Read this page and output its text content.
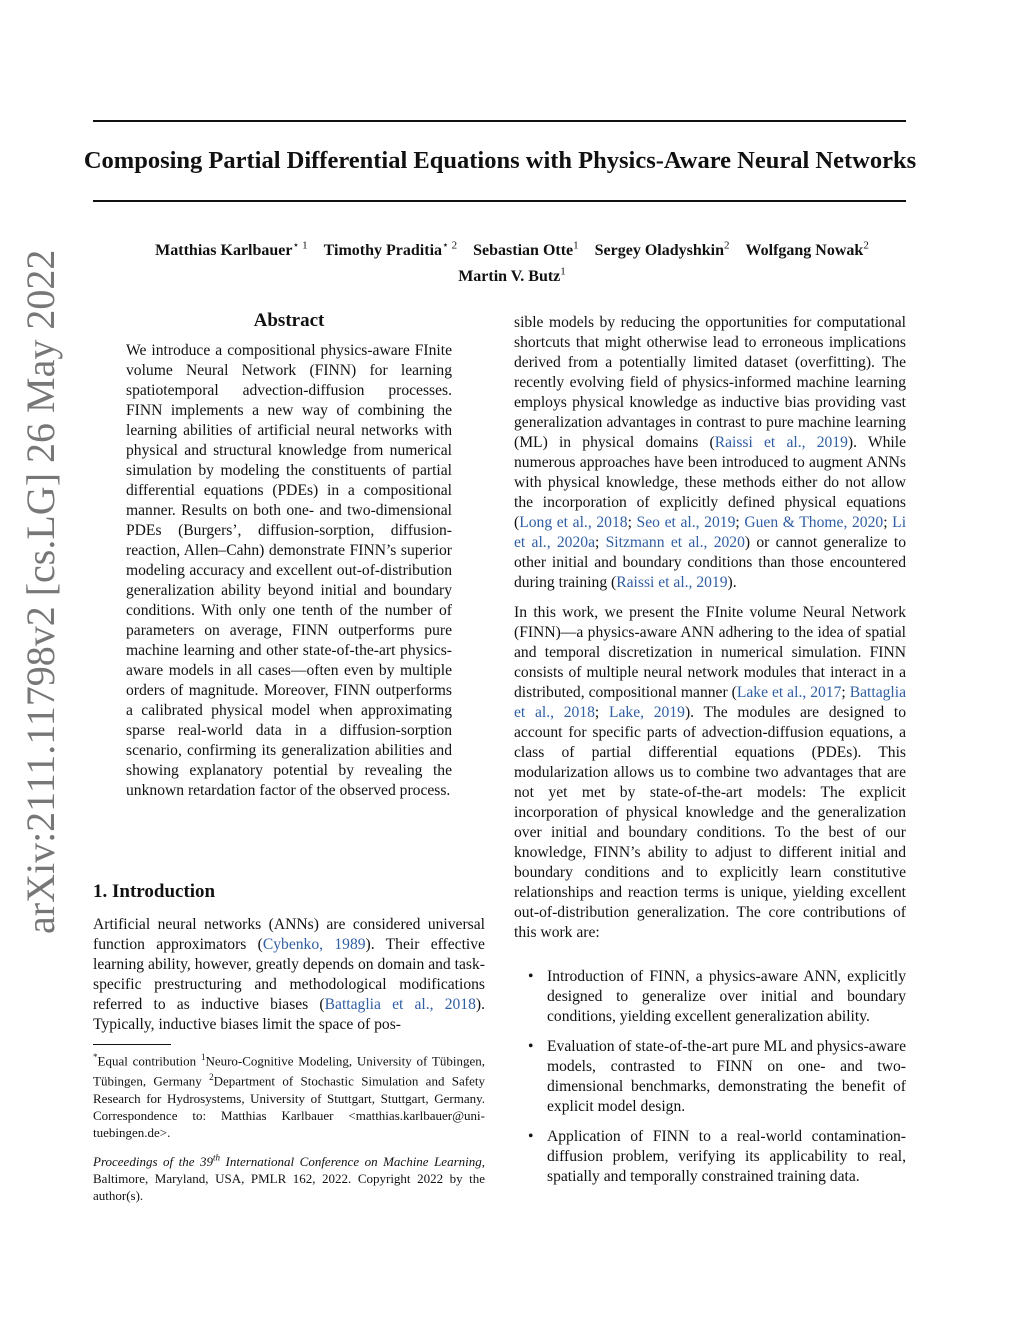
arXiv:2111.11798v2 [cs.LG] 26 May 2022
Composing Partial Differential Equations with Physics-Aware Neural Networks
Matthias Karlbauer$^{⋆ 1}$ Timothy Praditia$^{⋆ 2}$ Sebastian Otte$^1$ Sergey Oladyshkin$^2$ Wolfgang Nowak$^2$
Martin V. Butz$^1$
Abstract

We introduce a compositional physics-aware FInite volume Neural Network (FINN) for learning spatiotemporal advection-diffusion processes. FINN implements a new way of combining the learning abilities of artificial neural networks with physical and structural knowledge from numerical simulation by modeling the constituents of partial differential equations (PDEs) in a compositional manner. Results on both one- and two-dimensional PDEs (Burgers’, diffusion-sorption, diffusion-reaction, Allen–Cahn) demonstrate FINN’s superior modeling accuracy and excellent out-of-distribution generalization ability beyond initial and boundary conditions. With only one tenth of the number of parameters on average, FINN outperforms pure machine learning and other state-of-the-art physics-aware models in all cases—often even by multiple orders of magnitude. Moreover, FINN outperforms a calibrated physical model when approximating sparse real-world data in a diffusion-sorption scenario, confirming its generalization abilities and showing explanatory potential by revealing the unknown retardation factor of the observed process.

1. Introduction

Artificial neural networks (ANNs) are considered universal function approximators (Cybenko, 1989). Their effective learning ability, however, greatly depends on domain and task-specific prestructuring and methodological modifications referred to as inductive biases (Battaglia et al., 2018). Typically, inductive biases limit the space of pos-

*Equal contribution $^1$Neuro-Cognitive Modeling, University of Tübingen, Tübingen, Germany $^2$Department of Stochastic Simulation and Safety Research for Hydrosystems, University of Stuttgart, Stuttgart, Germany. Correspondence to: Matthias Karlbauer <matthias.karlbauer@uni-tuebingen.de>.
Proceedings of the 39th International Conference on Machine Learning, Baltimore, Maryland, USA, PMLR 162, 2022. Copyright 2022 by the author(s).

sible models by reducing the opportunities for computational shortcuts that might otherwise lead to erroneous implications derived from a potentially limited dataset (overfitting). The recently evolving field of physics-informed machine learning employs physical knowledge as inductive bias providing vast generalization advantages in contrast to pure machine learning (ML) in physical domains (Raissi et al., 2019). While numerous approaches have been introduced to augment ANNs with physical knowledge, these methods either do not allow the incorporation of explicitly defined physical equations (Long et al., 2018; Seo et al., 2019; Guen & Thome, 2020; Li et al., 2020a; Sitzmann et al., 2020) or cannot generalize to other initial and boundary conditions than those encountered during training (Raissi et al., 2019).

In this work, we present the FInite volume Neural Network (FINN)—a physics-aware ANN adhering to the idea of spatial and temporal discretization in numerical simulation. FINN consists of multiple neural network modules that interact in a distributed, compositional manner (Lake et al., 2017; Battaglia et al., 2018; Lake, 2019). The modules are designed to account for specific parts of advection-diffusion equations, a class of partial differential equations (PDEs). This modularization allows us to combine two advantages that are not yet met by state-of-the-art models: The explicit incorporation of physical knowledge and the generalization over initial and boundary conditions. To the best of our knowledge, FINN’s ability to adjust to different initial and boundary conditions and to explicitly learn constitutive relationships and reaction terms is unique, yielding excellent out-of-distribution generalization. The core contributions of this work are:

• Introduction of FINN, a physics-aware ANN, explicitly designed to generalize over initial and boundary conditions, yielding excellent generalization ability.
• Evaluation of state-of-the-art pure ML and physics-aware models, contrasted to FINN on one- and two-dimensional benchmarks, demonstrating the benefit of explicit model design.
• Application of FINN to a real-world contamination-diffusion problem, verifying its applicability to real, spatially and temporally constrained training data.
